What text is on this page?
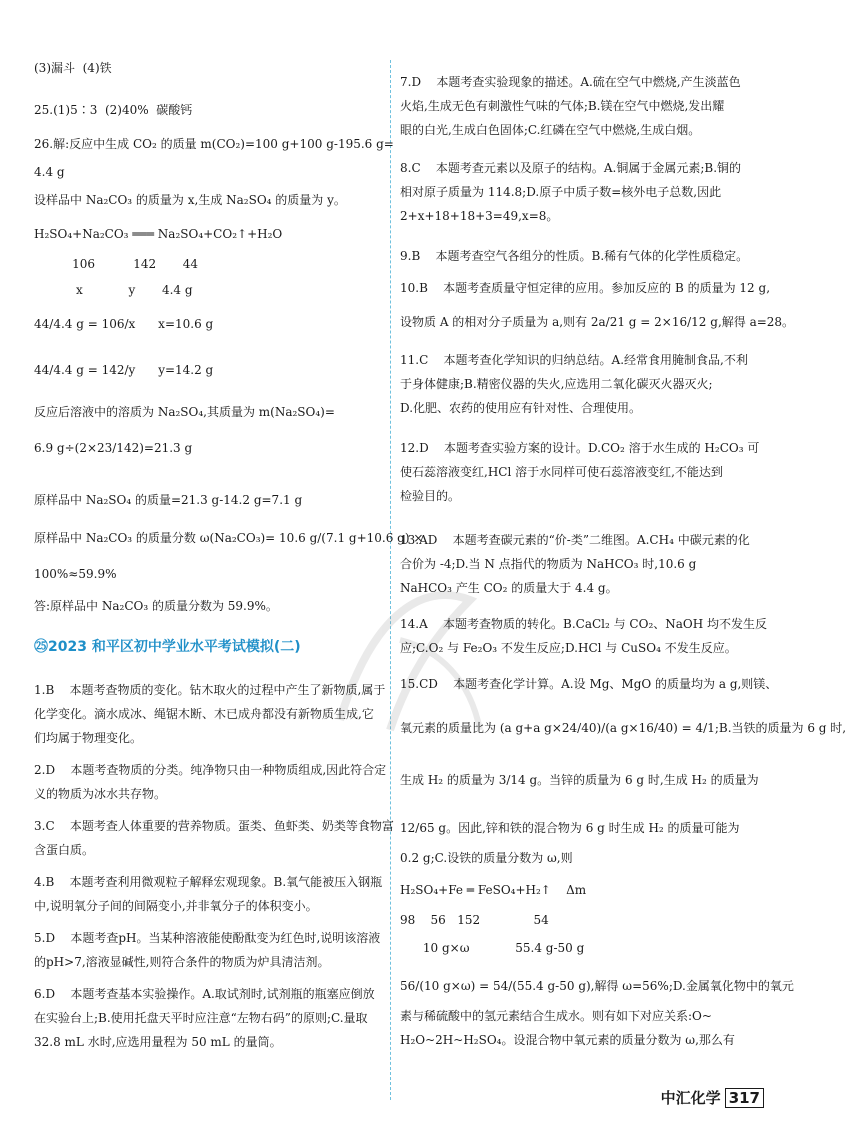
(3)漏斗  (4)铁
25.(1)5∶3  (2)40%  碳酸钙
26.解:反应中生成 CO₂ 的质量 m(CO₂)=100 g+100 g-195.6 g=
4.4 g
设样品中 Na₂CO₃ 的质量为 x,生成 Na₂SO₄ 的质量为 y。
H₂SO₄+Na₂CO₃ ═══ Na₂SO₄+CO₂↑+H₂O
106          142       44
x            y       4.4 g
44/4.4 g = 106/x      x=10.6 g
44/4.4 g = 142/y      y=14.2 g
反应后溶液中的溶质为 Na₂SO₄,其质量为 m(Na₂SO₄)=
6.9 g÷(2×23/142)=21.3 g
原样品中 Na₂SO₄ 的质量=21.3 g-14.2 g=7.1 g
原样品中 Na₂CO₃ 的质量分数 ω(Na₂CO₃)= 10.6 g/(7.1 g+10.6 g) ×
100%≈59.9%
答:原样品中 Na₂CO₃ 的质量分数为 59.9%。
㉕2023 和平区初中学业水平考试模拟(二)
1.B    本题考查物质的变化。钻木取火的过程中产生了新物质,属于
化学变化。滴水成冰、绳锯木断、木已成舟都没有新物质生成,它
们均属于物理变化。
2.D    本题考查物质的分类。纯净物只由一种物质组成,因此符合定
义的物质为冰水共存物。
3.C    本题考查人体重要的营养物质。蛋类、鱼虾类、奶类等食物富
含蛋白质。
4.B    本题考查利用微观粒子解释宏观现象。B.氧气能被压入钢瓶
中,说明氧分子间的间隔变小,并非氧分子的体积变小。
5.D    本题考查pH。当某种溶液能使酚酞变为红色时,说明该溶液
的pH>7,溶液显碱性,则符合条件的物质为炉具清洁剂。
6.D    本题考查基本实验操作。A.取试剂时,试剂瓶的瓶塞应倒放
在实验台上;B.使用托盘天平时应注意“左物右码”的原则;C.量取
32.8 mL 水时,应选用量程为 50 mL 的量筒。
7.D    本题考查实验现象的描述。A.硫在空气中燃烧,产生淡蓝色
火焰,生成无色有刺激性气味的气体;B.镁在空气中燃烧,发出耀
眼的白光,生成白色固体;C.红磷在空气中燃烧,生成白烟。
8.C    本题考查元素以及原子的结构。A.铜属于金属元素;B.铜的
相对原子质量为 114.8;D.原子中质子数=核外电子总数,因此
2+x+18+18+3=49,x=8。
9.B    本题考查空气各组分的性质。B.稀有气体的化学性质稳定。
10.B    本题考查质量守恒定律的应用。参加反应的 B 的质量为 12 g,
设物质 A 的相对分子质量为 a,则有 2a/21 g = 2×16/12 g,解得 a=28。
11.C    本题考查化学知识的归纳总结。A.经常食用腌制食品,不利
于身体健康;B.精密仪器的失火,应选用二氧化碳灭火器灭火;
D.化肥、农药的使用应有针对性、合理使用。
12.D    本题考查实验方案的设计。D.CO₂ 溶于水生成的 H₂CO₃ 可
使石蕊溶液变红,HCl 溶于水同样可使石蕊溶液变红,不能达到
检验目的。
13.AD    本题考查碳元素的“价-类”二维图。A.CH₄ 中碳元素的化
合价为 -4;D.当 N 点指代的物质为 NaHCO₃ 时,10.6 g
NaHCO₃ 产生 CO₂ 的质量大于 4.4 g。
14.A    本题考查物质的转化。B.CaCl₂ 与 CO₂、NaOH 均不发生反
应;C.O₂ 与 Fe₂O₃ 不发生反应;D.HCl 与 CuSO₄ 不发生反应。
15.CD    本题考查化学计算。A.设 Mg、MgO 的质量均为 a g,则镁、
氧元素的质量比为 (a g+a g×24/40)/(a g×16/40) = 4/1;B.当铁的质量为 6 g 时,
生成 H₂ 的质量为 3/14 g。当锌的质量为 6 g 时,生成 H₂ 的质量为
12/65 g。因此,锌和铁的混合物为 6 g 时生成 H₂ 的质量可能为
0.2 g;C.设铁的质量分数为 ω,则
H₂SO₄+Fe ═ FeSO₄+H₂↑    Δm
98    56   152              54
10 g×ω            55.4 g-50 g
56/(10 g×ω) = 54/(55.4 g-50 g),解得 ω=56%;D.金属氧化物中的氧元
素与稀硫酸中的氢元素结合生成水。则有如下对应关系:O~
H₂O~2H~H₂SO₄。设混合物中氧元素的质量分数为 ω,那么有

中汇化学 317
